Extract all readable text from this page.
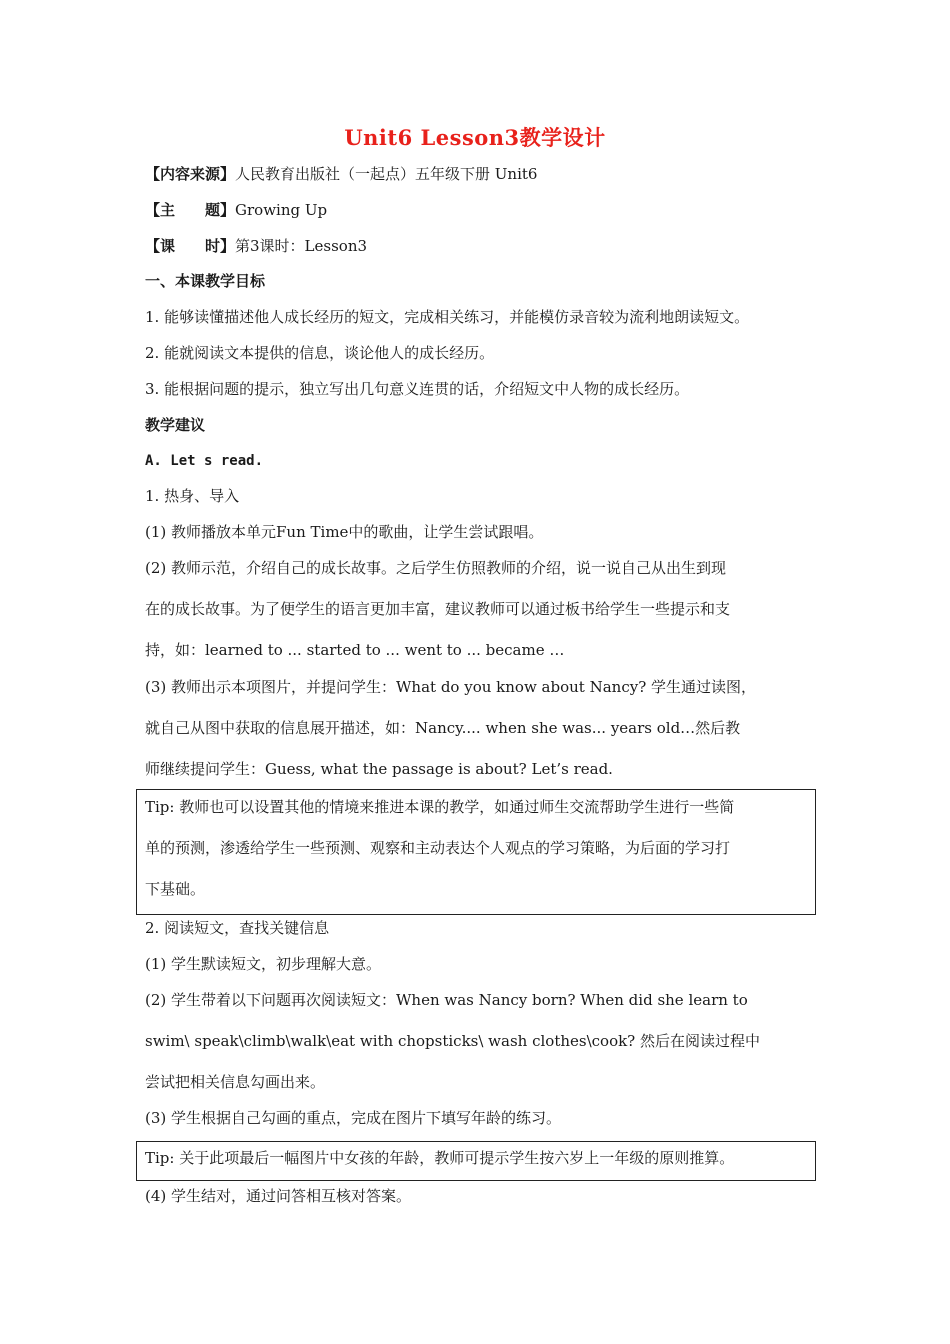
Unit6 Lesson3教学设计
【内容来源】人民教育出版社（一起点）五年级下册 Unit6
【主　　题】Growing Up
【课　　时】第3课时：Lesson3
一、本课教学目标
1. 能够读懂描述他人成长经历的短文，完成相关练习，并能模仿录音较为流利地朗读短文。
2. 能就阅读文本提供的信息，谈论他人的成长经历。
3. 能根据问题的提示，独立写出几句意义连贯的话，介绍短文中人物的成长经历。
教学建议
A. Let s read.
1. 热身、导入
(1) 教师播放本单元Fun Time中的歌曲，让学生尝试跟唱。
(2) 教师示范，介绍自己的成长故事。之后学生仿照教师的介绍，说一说自己从出生到现
在的成长故事。为了便学生的语言更加丰富，建议教师可以通过板书给学生一些提示和支
持，如：learned to ... started to ... went to ... became …
(3) 教师出示本项图片，并提问学生：What do you know about Nancy? 学生通过读图，
就自己从图中获取的信息展开描述，如：Nancy.... when she was... years old…然后教
师继续提问学生：Guess, what the passage is about? Let’s read.
Tip: 教师也可以设置其他的情境来推进本课的教学，如通过师生交流帮助学生进行一些简
单的预测，渗透给学生一些预测、观察和主动表达个人观点的学习策略，为后面的学习打
下基础。
2. 阅读短文，查找关键信息
(1) 学生默读短文，初步理解大意。
(2) 学生带着以下问题再次阅读短文：When was Nancy born? When did she learn to
swim\ speak\climb\walk\eat with chopsticks\ wash clothes\cook? 然后在阅读过程中
尝试把相关信息勾画出来。
(3) 学生根据自己勾画的重点，完成在图片下填写年龄的练习。
Tip: 关于此项最后一幅图片中女孩的年龄，教师可提示学生按六岁上一年级的原则推算。
(4) 学生结对，通过问答相互核对答案。
